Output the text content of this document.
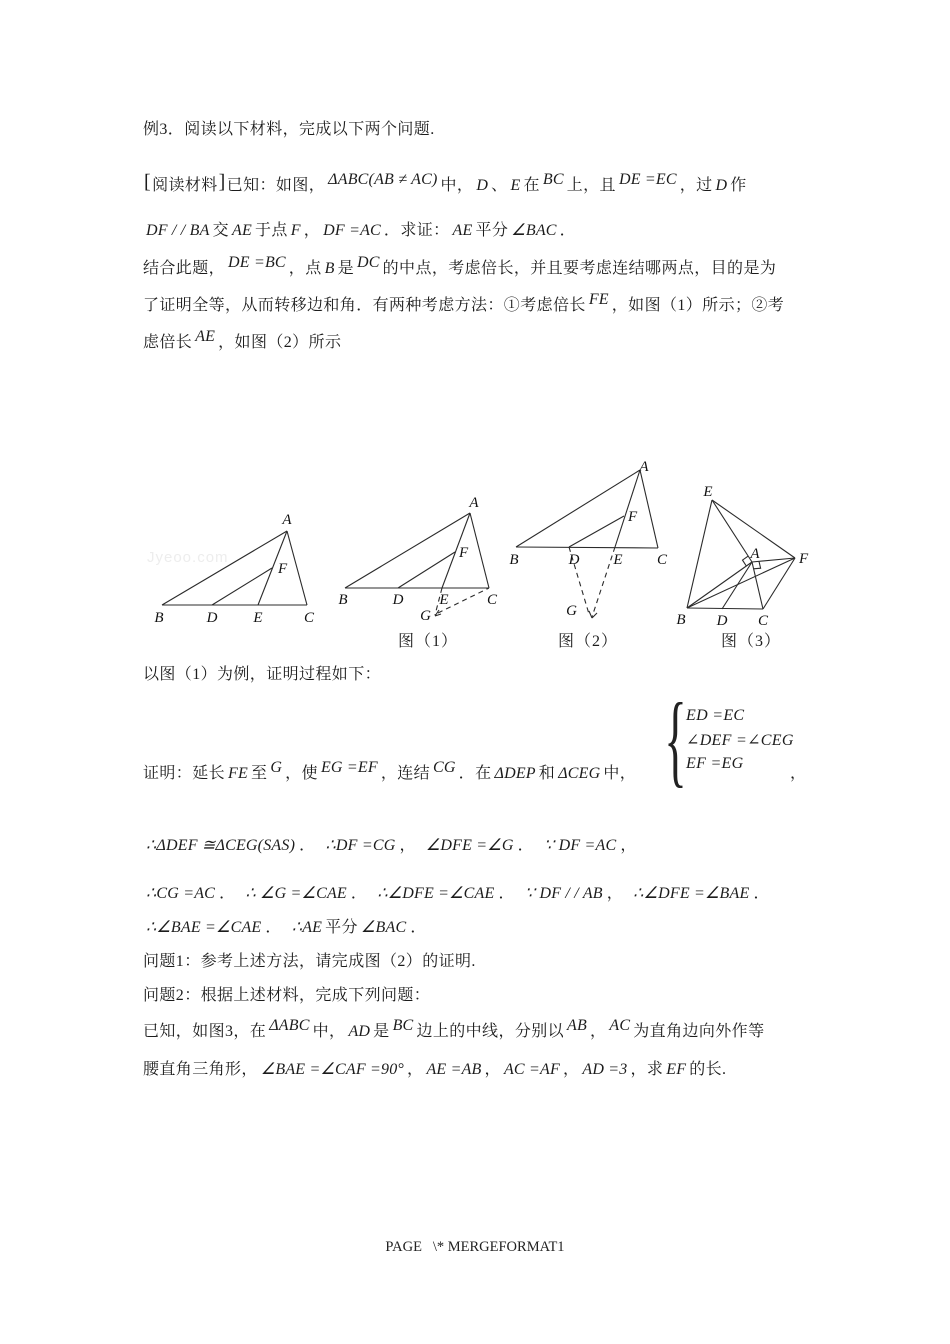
Jyeoo.com
例3．阅读以下材料，完成以下两个问题.
[阅读材料]已知：如图， ΔABC(AB ≠ AC) 中， D 、 E 在 BC 上，且 DE =EC ，过 D 作
DF / / BA 交 AE 于点 F ， DF =AC ．求证： AE 平分 ∠BAC ．
结合此题， DE =BC ，点 B 是 DC 的中点，考虑倍长，并且要考虑连结哪两点，目的是为
了证明全等，从而转移边和角．有两种考虑方法：①考虑倍长 FE ，如图（1）所示；②考
虑倍长 AE ，如图（2）所示
以图（1）为例，证明过程如下：
证明：延长 FE 至 G ，使 EG =EF ，连结 CG ．在 ΔDEP 和 ΔCEG 中，
∴ΔDEF ≅ΔCEG(SAS) ． ∴DF =CG ， ∠DFE =∠G ． ∵ DF =AC ，
∴CG =AC ． ∴ ∠G =∠CAE ． ∴∠DFE =∠CAE ． ∵ DF / / AB ， ∴∠DFE =∠BAE ．
∴∠BAE =∠CAE ． ∴AE 平分 ∠BAC ．
问题1：参考上述方法，请完成图（2）的证明.
问题2：根据上述材料，完成下列问题：
已知，如图3，在 ΔABC 中， AD 是 BC 边上的中线，分别以 AB ， AC 为直角边向外作等
腰直角三角形， ∠BAE =∠CAF =90° ， AE =AB ， AC =AF ， AD =3 ，求 EF 的长.
{ ED =EC
∠DEF =∠CEG
EF =EG
，
A
B	D E	C
F
A
B	D E	C
F
G
图（1）
A
B	D E C
F
G
图（2）
E
A	F
B D C
图（3）
PAGE   \* MERGEFORMAT1
